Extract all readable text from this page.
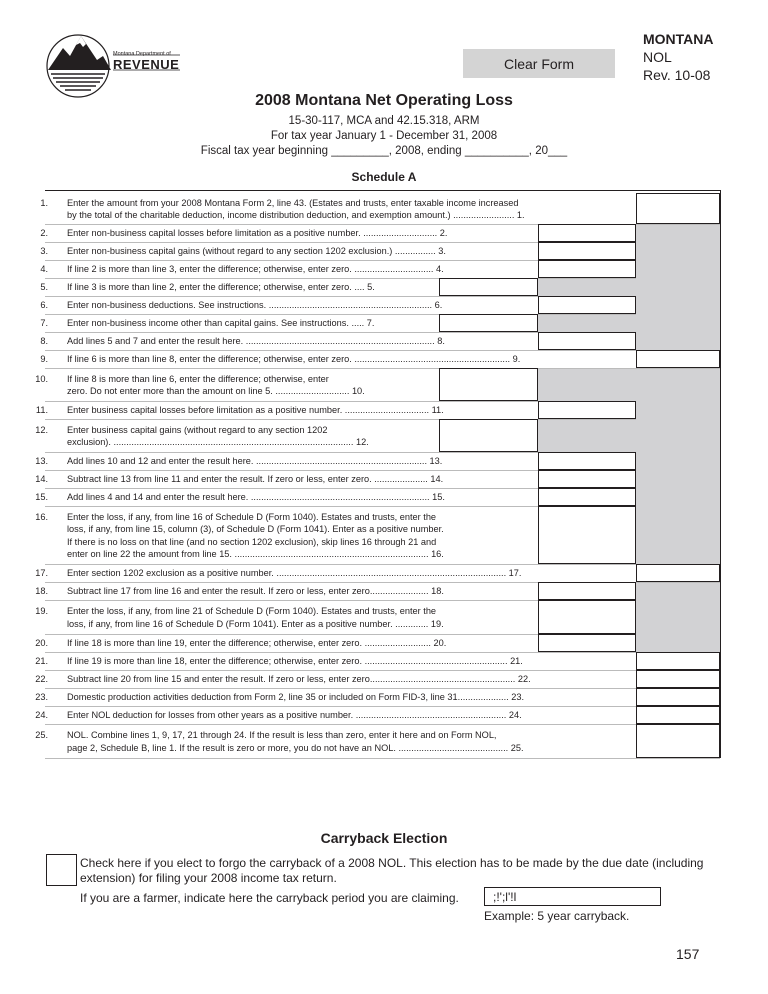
Montana Department of
REVENUE	Clear Form
MONTANA
NOL
Rev. 10-08
2008 Montana Net Operating Loss
15-30-117, MCA and 42.15.318, ARM
For tax year January 1 - December 31, 2008
Fiscal tax year beginning _________, 2008, ending __________, 20___
Schedule A
1.	Enter the amount from your 2008 Montana Form 2, line 43. (Estates and trusts, enter taxable income increased
by the total of the charitable deduction, income distribution deduction, and exemption amount.) ........................ 1.
2.	Enter non-business capital losses before limitation as a positive number. ............................. 2.
3.	Enter non-business capital gains (without regard to any section 1202 exclusion.) ................ 3.
4.	If line 2 is more than line 3, enter the difference; otherwise, enter zero. ............................... 4.
5.	If line 3 is more than line 2, enter the difference; otherwise, enter zero. .... 5.
6.	Enter non-business deductions. See instructions. ................................................................ 6.
7.	Enter non-business income other than capital gains. See instructions. ..... 7.
8.	Add lines 5 and 7 and enter the result here. .......................................................................... 8.
9.	If line 6 is more than line 8, enter the difference; otherwise, enter zero. ............................................................. 9.
10.	If line 8 is more than line 6, enter the difference; otherwise, enter
zero. Do not enter more than the amount on line 5. ............................. 10.
11.	Enter business capital losses before limitation as a positive number. ................................. 11.
12.	Enter business capital gains (without regard to any section 1202
exclusion). .............................................................................................. 12.
13.	Add lines 10 and 12 and enter the result here. ................................................................... 13.
14.	Subtract line 13 from line 11 and enter the result. If zero or less, enter zero. ..................... 14.
15.	Add lines 4 and 14 and enter the result here. ...................................................................... 15.
16.	Enter the loss, if any, from line 16 of Schedule D (Form 1040). Estates and trusts, enter the
loss, if any, from line 15, column (3), of Schedule D (Form 1041). Enter as a positive number.
If there is no loss on that line (and no section 1202 exclusion), skip lines 16 through 21 and
enter on line 22 the amount from line 15. ............................................................................ 16.
17.	Enter section 1202 exclusion as a positive number. .......................................................................................... 17.
18.	Subtract line 17 from line 16 and enter the result. If zero or less, enter zero....................... 18.
19.	Enter the loss, if any, from line 21 of Schedule D (Form 1040). Estates and trusts, enter the
loss, if any, from line 16 of Schedule D (Form 1041). Enter as a positive number. ............. 19.
20.	If line 18 is more than line 19, enter the difference; otherwise, enter zero. .......................... 20.
21.	If line 19 is more than line 18, enter the difference; otherwise, enter zero. ........................................................ 21.
22.	Subtract line 20 from line 15 and enter the result. If zero or less, enter zero......................................................... 22.
23.	Domestic production activities deduction from Form 2, line 35 or included on Form FID-3, line 31.................... 23.
24.	Enter NOL deduction for losses from other years as a positive number. ........................................................... 24.
25.	NOL. Combine lines 1, 9, 17, 21 through 24. If the result is less than zero, enter it here and on Form NOL,
page 2, Schedule B, line 1. If the result is zero or more, you do not have an NOL. ........................................... 25.
Carryback Election
Check here if you elect to forgo the carryback of a 2008 NOL. This election has to be made by the due date (including
extension) for filing your 2008 income tax return.
If you are a farmer, indicate here the carryback period you are claiming.	;!';l'!l
Example: 5 year carryback.
157
